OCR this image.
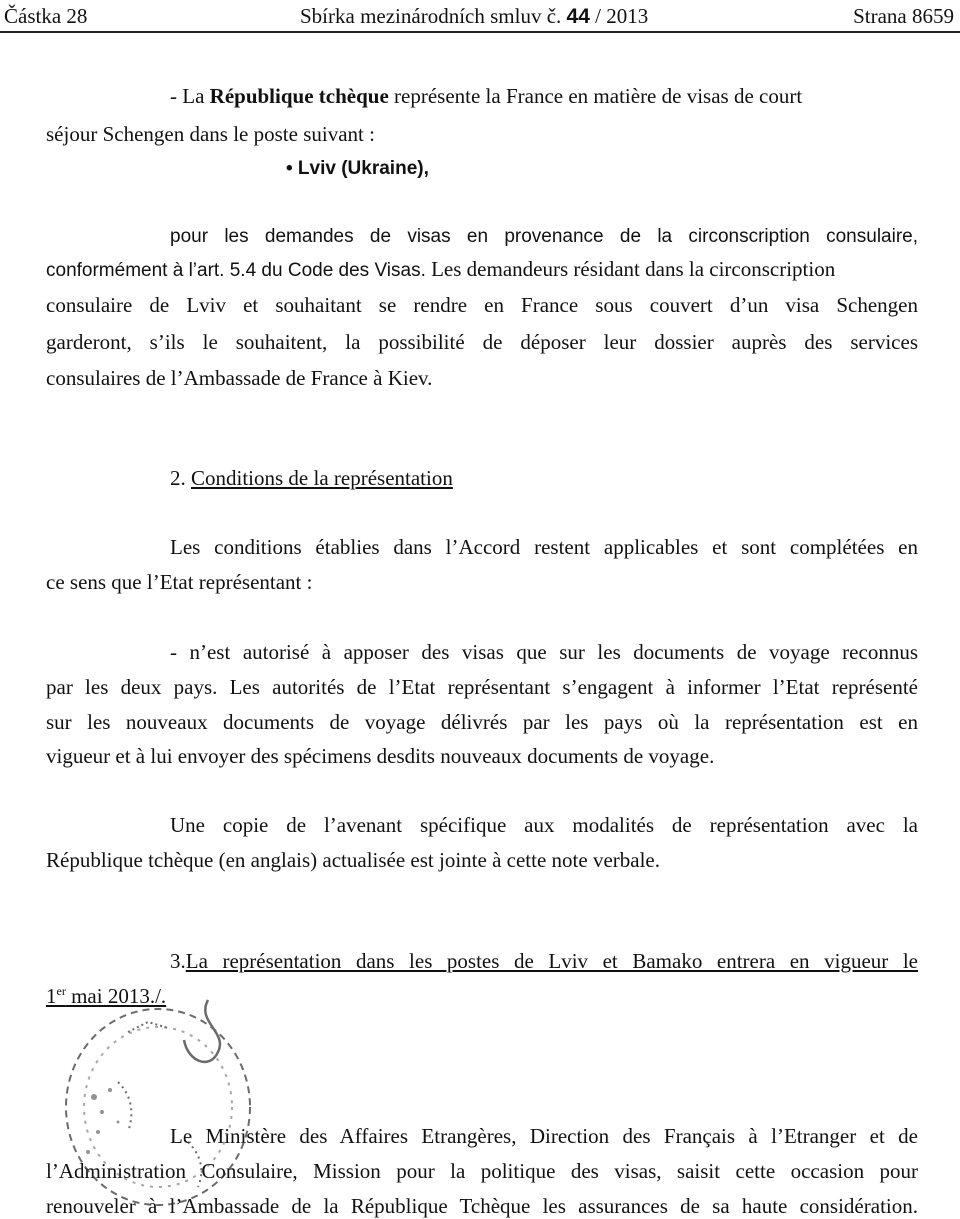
Částka 28	Sbírka mezinárodních smluv č. 44 / 2013	Strana 8659
- La République tchèque représente la France en matière de visas de court
séjour Schengen dans le poste suivant :
• Lviv (Ukraine),
pour les demandes de visas en provenance de la circonscription consulaire,
conformément à l’art. 5.4 du Code des Visas. Les demandeurs résidant dans la circonscription
consulaire de Lviv et souhaitant se rendre en France sous couvert d’un visa Schengen
garderont, s’ils le souhaitent, la possibilité de déposer leur dossier auprès des services
consulaires de l’Ambassade de France à Kiev.
2. Conditions de la représentation
Les conditions établies dans l’Accord restent applicables et sont complétées en
ce sens que l’Etat représentant :
- n’est autorisé à apposer des visas que sur les documents de voyage reconnus
par les deux pays. Les autorités de l’Etat représentant s’engagent à informer l’Etat représenté
sur les nouveaux documents de voyage délivrés par les pays où la représentation est en
vigueur et à lui envoyer des spécimens desdits nouveaux documents de voyage.
Une copie de l’avenant spécifique aux modalités de représentation avec la
République tchèque (en anglais) actualisée est jointe à cette note verbale.
3.La représentation dans les postes de Lviv et Bamako entrera en vigueur le
1er mai 2013./.
Le Ministère des Affaires Etrangères, Direction des Français à l’Etranger et de
l’Administration Consulaire, Mission pour la politique des visas, saisit cette occasion pour
renouveler à l’Ambassade de la République Tchèque les assurances de sa haute considération.
